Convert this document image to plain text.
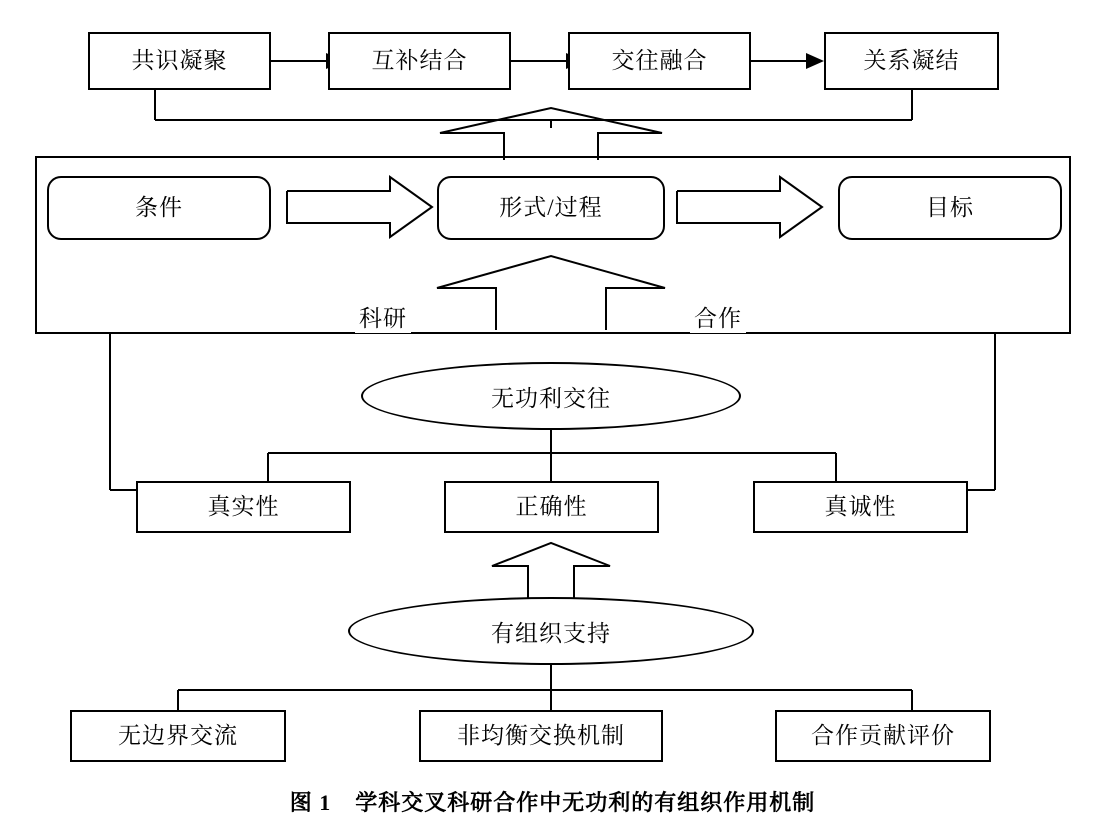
共识凝聚	互补结合	交往融合	关系凝结
条件	形式/过程	目标
科研	合作
无功利交往
真实性	正确性	真诚性
有组织支持
无边界交流	非均衡交换机制	合作贡献评价
图 1 学科交叉科研合作中无功利的有组织作用机制
